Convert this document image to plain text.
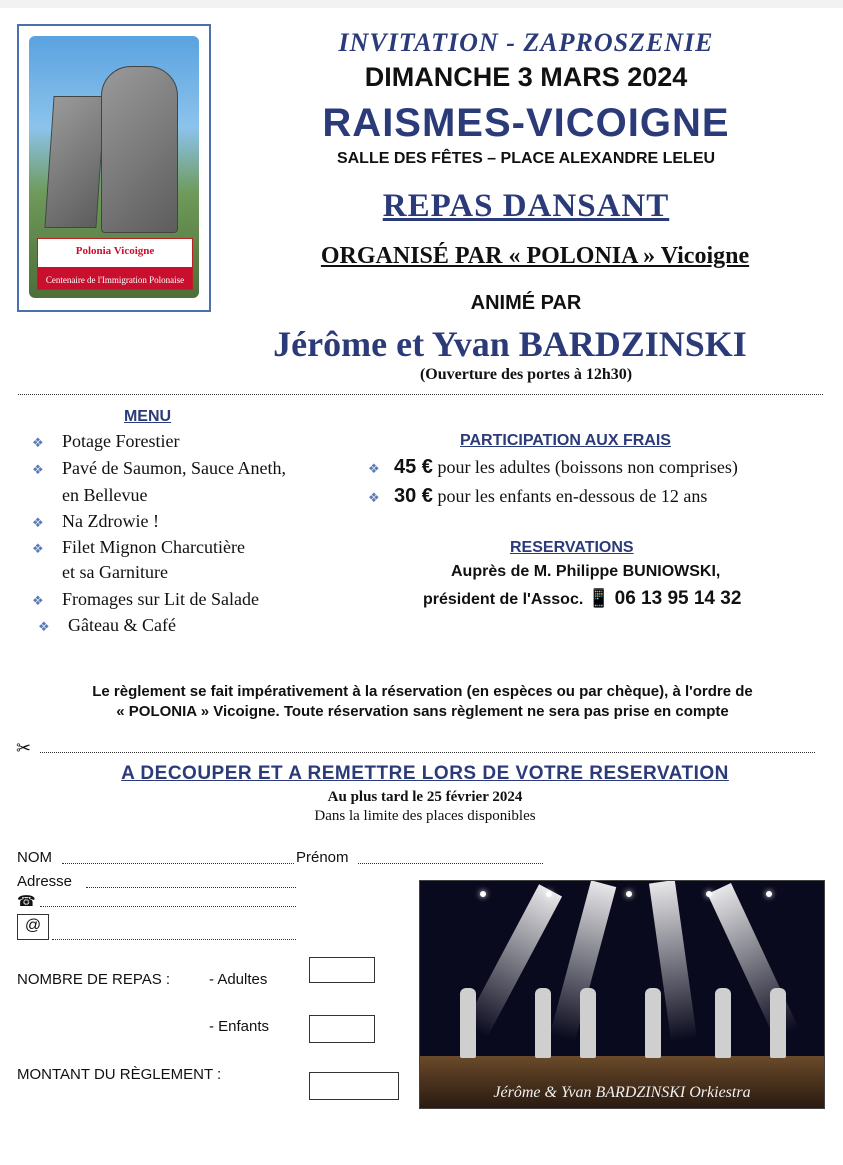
Polonia Vicoigne
Centenaire de l'Immigration Polonaise
INVITATION - ZAPROSZENIE
DIMANCHE 3 MARS 2024
RAISMES-VICOIGNE
SALLE DES FÊTES – PLACE ALEXANDRE LELEU
REPAS DANSANT
ORGANISÉ PAR « POLONIA » Vicoigne
ANIMÉ PAR
Jérôme et Yvan BARDZINSKI
(Ouverture des portes à 12h30)
MENU
❖ Potage Forestier
❖ Pavé de Saumon, Sauce Aneth,
en Bellevue
❖ Na Zdrowie !
❖ Filet Mignon Charcutière
et sa Garniture
❖ Fromages sur Lit de Salade
❖ Gâteau & Café
PARTICIPATION AUX FRAIS
❖ 45 € pour les adultes (boissons non comprises)
❖ 30 € pour les enfants en-dessous de 12 ans
RESERVATIONS
Auprès de M. Philippe BUNIOWSKI,
président de l'Assoc. 📱 06 13 95 14 32
Le règlement se fait impérativement à la réservation (en espèces ou par chèque), à l'ordre de
« POLONIA » Vicoigne. Toute réservation sans règlement ne sera pas prise en compte
✂
A DECOUPER ET A REMETTRE LORS DE VOTRE RESERVATION
Au plus tard le 25 février 2024
Dans la limite des places disponibles
NOM	Prénom
Adresse
☎
@
NOMBRE DE REPAS :	- Adultes
- Enfants
MONTANT DU RÈGLEMENT :
Jérôme & Yvan BARDZINSKI Orkiestra
